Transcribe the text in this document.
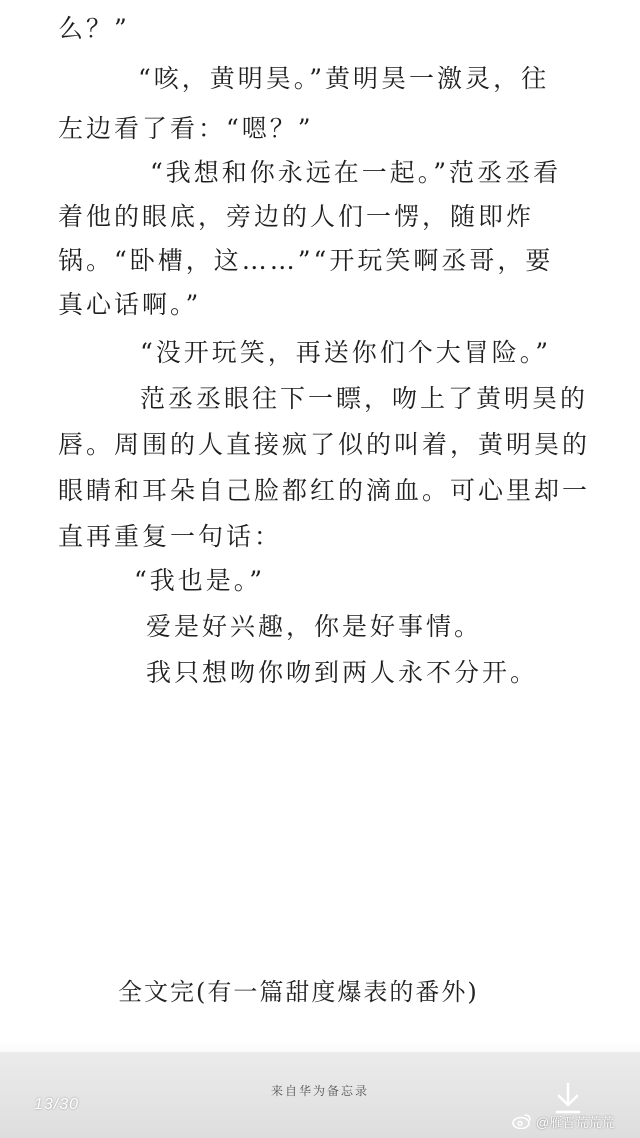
么？”
“咳，黄明昊。”黄明昊一激灵，往
左边看了看：“嗯？”
“我想和你永远在一起。”范丞丞看
着他的眼底，旁边的人们一愣，随即炸
锅。“卧槽，这……”“开玩笑啊丞哥，要
真心话啊。”
“没开玩笑，再送你们个大冒险。”
范丞丞眼往下一瞟，吻上了黄明昊的
唇。周围的人直接疯了似的叫着，黄明昊的
眼睛和耳朵自己脸都红的滴血。可心里却一
直再重复一句话：
“我也是。”
爱是好兴趣，你是好事情。
我只想吻你吻到两人永不分开。
全文完(有一篇甜度爆表的番外)
来自华为备忘录
13/30
@雁晋荒荒荒
